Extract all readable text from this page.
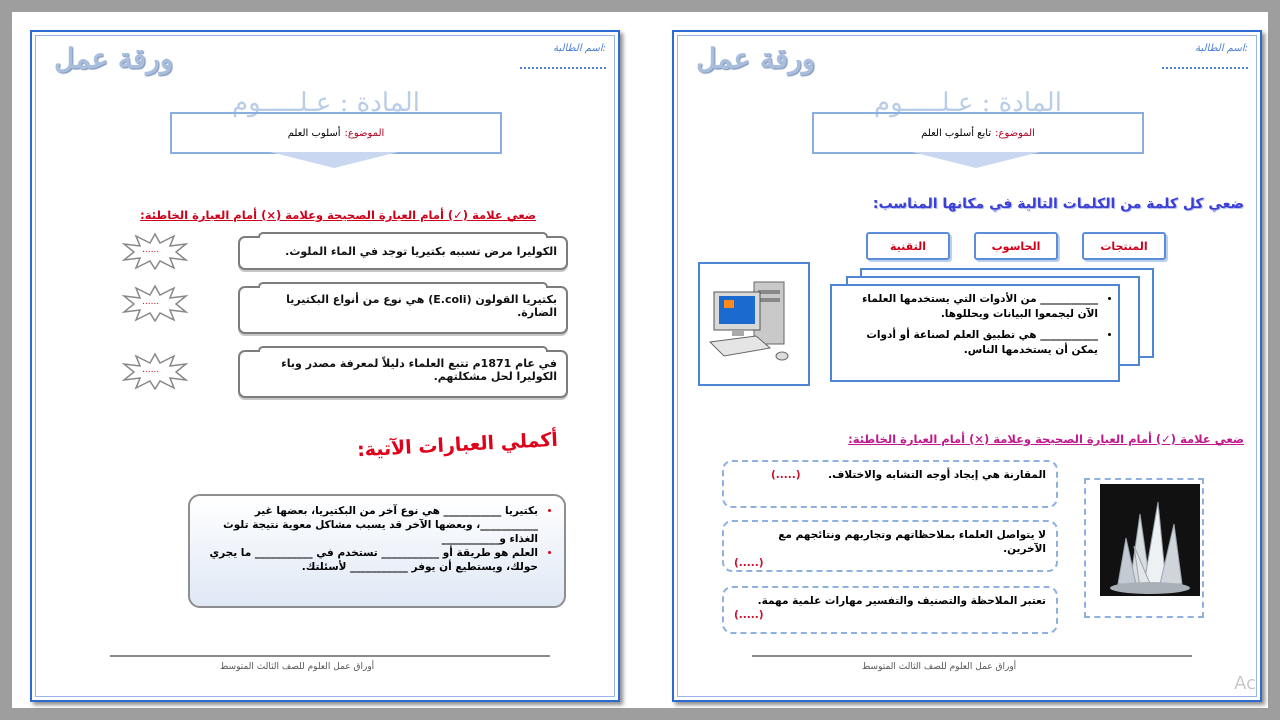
اسم الطالبة:
ورقة عمل
المادة : عـلـــــوم
الموضوع:
أسلوب العلم
ضعي علامة (✓) أمام العبارة الصحيحة وعلامة (×) أمام العبارة الخاطئة:
......	الكوليرا مرض تسببه بكتيريا توجد في الماء الملوث.
......	بكتيريا القولون (E.coli) هي نوع من أنواع البكتيريا الضارة.
......	في عام 1871م تتبع العلماء دليلاً لمعرفة مصدر وباء الكوليرا لحل مشكلتهم.
أكملي العبارات الآتية:
• بكتيريا ___________ هي نوع آخر من البكتيريا، بعضها غير ___________، وبعضها الآخر قد يسبب مشاكل معوية نتيجة تلوث الغذاء و___________
• العلم هو طريقة أو ___________ تستخدم في ___________ ما يجري حولك، ويستطيع أن يوفر ___________ لأسئلتك.
أوراق عمل العلوم للصف الثالث المتوسط
اسم الطالبة:
ورقة عمل
المادة : عـلـــــوم
الموضوع:
تابع أسلوب العلم
ضعي كل كلمة من الكلمات التالية في مكانها المناسب:
المنتجات
الحاسوب
التقنية
• ___________ من الأدوات التي يستخدمها العلماء الآن ليجمعوا البيانات ويحللوها.
• ___________ هي تطبيق العلم لصناعة أو أدوات يمكن أن يستخدمها الناس.
ضعي علامة (✓) أمام العبارة الصحيحة وعلامة (×) أمام العبارة الخاطئة:
المقارنة هي إيجاد أوجه التشابه والاختلاف. (.....)
لا يتواصل العلماء بملاحظاتهم وتجاربهم ونتائجهم مع الآخرين.
(.....)
تعتبر الملاحظة والتصنيف والتفسير مهارات علمية مهمة.
(.....)
أوراق عمل العلوم للصف الثالث المتوسط
Ac
